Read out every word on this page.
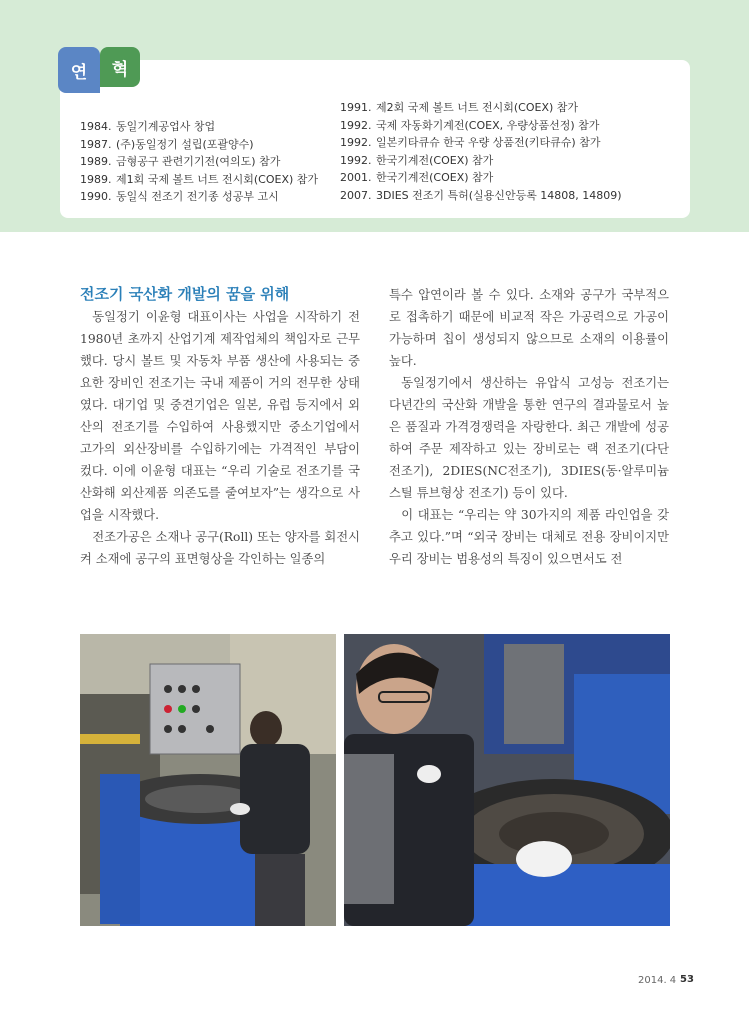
연	혁
1984. 동일기계공업사 창업
1987. (주)동일정기 설립(포괄양수)
1989. 금형공구 관련기기전(여의도) 참가
1989. 제1회 국제 볼트 너트 전시회(COEX) 참가
1990. 동일식 전조기 전기종 성공부 고시
1991. 제2회 국제 볼트 너트 전시회(COEX) 참가
1992. 국제 자동화기계전(COEX, 우량상품선정) 참가
1992. 일본키타큐슈 한국 우량 상품전(키타큐슈) 참가
1992. 한국기계전(COEX) 참가
2001. 한국기계전(COEX) 참가
2007. 3DIES 전조기 특허(실용신안등록 14808, 14809)
전조기 국산화 개발의 꿈을 위해

동일정기 이윤형 대표이사는 사업을 시작하기 전 1980년 초까지 산업기계 제작업체의 책임자로 근무했다. 당시 볼트 및 자동차 부품 생산에 사용되는 중요한 장비인 전조기는 국내 제품이 거의 전무한 상태였다. 대기업 및 중견기업은 일본, 유럽 등지에서 외산의 전조기를 수입하여 사용했지만 중소기업에서 고가의 외산장비를 수입하기에는 가격적인 부담이 컸다. 이에 이윤형 대표는 “우리 기술로 전조기를 국산화해 외산제품 의존도를 줄여보자”는 생각으로 사업을 시작했다.

전조가공은 소재나 공구(Roll) 또는 양자를 회전시켜 소재에 공구의 표면형상을 각인하는 일종의

특수 압연이라 볼 수 있다. 소재와 공구가 국부적으로 접촉하기 때문에 비교적 작은 가공력으로 가공이 가능하며 칩이 생성되지 않으므로 소재의 이용률이 높다.

동일정기에서 생산하는 유압식 고성능 전조기는 다년간의 국산화 개발을 통한 연구의 결과물로서 높은 품질과 가격경쟁력을 자랑한다. 최근 개발에 성공하여 주문 제작하고 있는 장비로는 랙 전조기(다단 전조기), 2DIES(NC전조기), 3DIES(동·알루미늄 스틸 튜브형상 전조기) 등이 있다.

이 대표는 “우리는 약 30가지의 제품 라인업을 갖추고 있다.”며 “외국 장비는 대체로 전용 장비이지만 우리 장비는 범용성의 특징이 있으면서도 전

2014. 4 53
